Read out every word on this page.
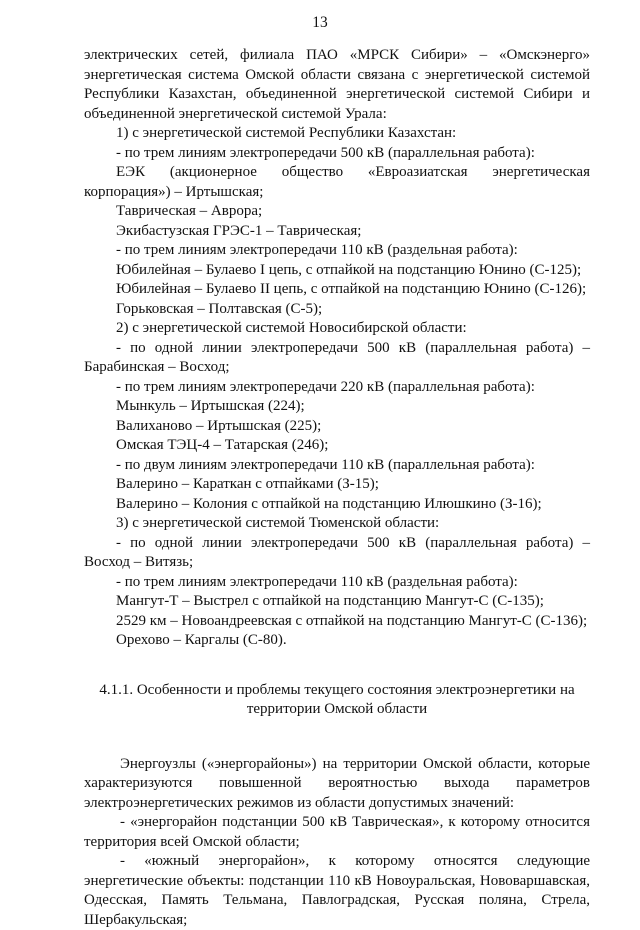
13

электрических сетей, филиала ПАО «МРСК Сибири» – «Омскэнерго»

энергетическая система Омской области связана с энергетической системой

Республики Казахстан, объединенной энергетической системой Сибири и

объединенной энергетической системой Урала:

1) с энергетической системой Республики Казахстан:

- по трем линиям электропередачи 500 кВ (параллельная работа):

ЕЭК (акционерное общество «Евроазиатская энергетическая

корпорация») – Иртышская;

Таврическая – Аврора;

Экибастузская ГРЭС-1 – Таврическая;

- по трем линиям электропередачи 110 кВ (раздельная работа):

Юбилейная – Булаево I цепь, с отпайкой на подстанцию Юнино (С-125);

Юбилейная – Булаево II цепь, с отпайкой на подстанцию Юнино (С-126);

Горьковская – Полтавская (С-5);

2) с энергетической системой Новосибирской области:

- по одной линии электропередачи 500 кВ (параллельная работа) –

Барабинская – Восход;

- по трем линиям электропередачи 220 кВ (параллельная работа):

Мынкуль – Иртышская (224);

Валиханово – Иртышская (225);

Омская ТЭЦ-4 – Татарская (246);

- по двум линиям электропередачи 110 кВ (параллельная работа):

Валерино – Караткан c отпайками (З-15);

Валерино – Колония с отпайкой на подстанцию Илюшкино (З-16);

3) с энергетической системой Тюменской области:

- по одной линии электропередачи 500 кВ (параллельная работа) –

Восход – Витязь;

- по трем линиям электропередачи 110 кВ (раздельная работа):

Мангут-Т – Выстрел с отпайкой на подстанцию Мангут-С (С-135);

2529 км – Новоандреевская с отпайкой на подстанцию Мангут-С (С-136);

Орехово – Каргалы (С-80).

4.1.1. Особенности и проблемы текущего состояния электроэнергетики на
территории Омской области

Энергоузлы («энергорайоны») на территории Омской области, которые

характеризуются повышенной вероятностью выхода параметров

электроэнергетических режимов из области допустимых значений:

- «энергорайон подстанции 500 кВ Таврическая», к которому относится

территория всей Омской области;

- «южный энергорайон», к которому относятся следующие

энергетические объекты: подстанции 110 кВ Новоуральская, Нововаршавская,

Одесская, Память Тельмана, Павлоградская, Русская поляна, Стрела,

Шербакульская;
